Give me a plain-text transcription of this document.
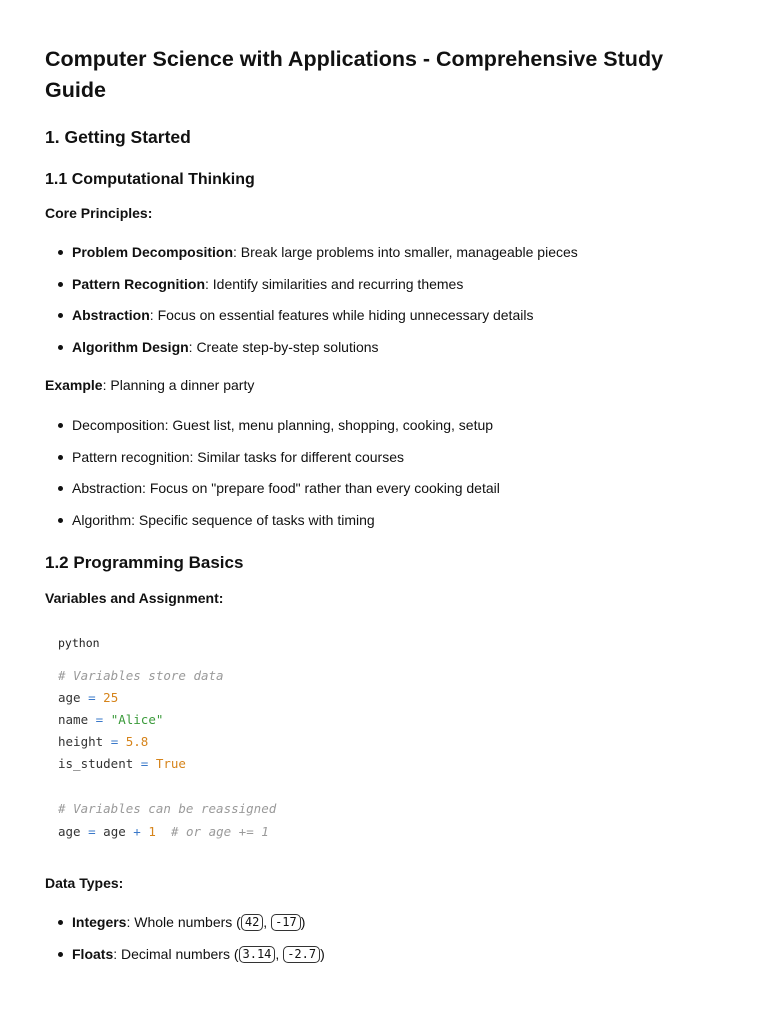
Computer Science with Applications - Comprehensive Study Guide
1. Getting Started
1.1 Computational Thinking
Core Principles:
Problem Decomposition: Break large problems into smaller, manageable pieces
Pattern Recognition: Identify similarities and recurring themes
Abstraction: Focus on essential features while hiding unnecessary details
Algorithm Design: Create step-by-step solutions
Example: Planning a dinner party
Decomposition: Guest list, menu planning, shopping, cooking, setup
Pattern recognition: Similar tasks for different courses
Abstraction: Focus on "prepare food" rather than every cooking detail
Algorithm: Specific sequence of tasks with timing
1.2 Programming Basics
Variables and Assignment:
python
# Variables store data
age = 25
name = "Alice"
height = 5.8
is_student = True
# Variables can be reassigned
age = age + 1 # or age += 1
Data Types:
Integers: Whole numbers ( 42 , -17 )
Floats: Decimal numbers ( 3.14 , -2.7 )
